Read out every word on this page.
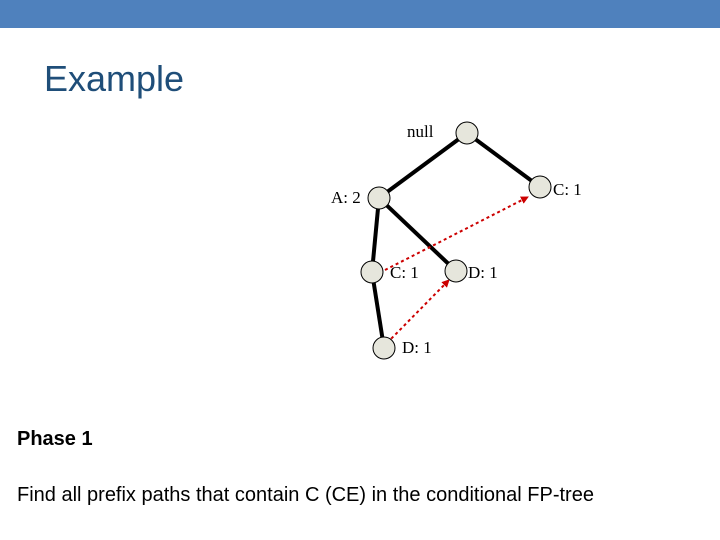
Example
null
A: 2	C: 1
C: 1	D: 1
D: 1
Phase 1
Find all prefix paths that contain C (CE) in the conditional FP-tree
